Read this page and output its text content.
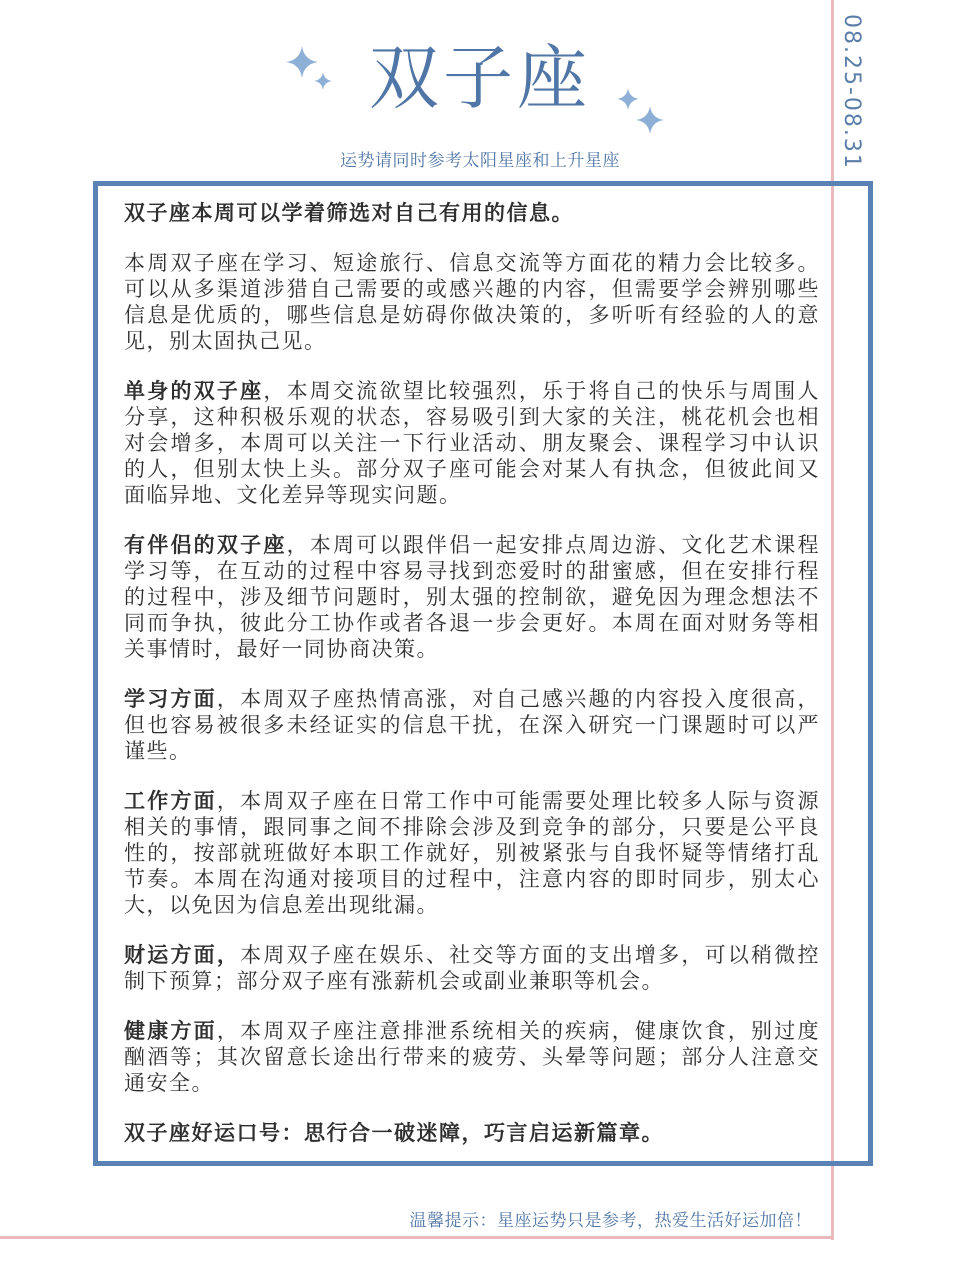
08.25-08.31
双子座
运势请同时参考太阳星座和上升星座

双子座本周可以学着筛选对自己有用的信息。

本周双子座在学习、短途旅行、信息交流等方面花的精力会比较多。可以从多渠道涉猎自己需要的或感兴趣的内容，但需要学会辨别哪些信息是优质的，哪些信息是妨碍你做决策的，多听听有经验的人的意见，别太固执己见。

单身的双子座，本周交流欲望比较强烈，乐于将自己的快乐与周围人分享，这种积极乐观的状态，容易吸引到大家的关注，桃花机会也相对会增多，本周可以关注一下行业活动、朋友聚会、课程学习中认识的人，但别太快上头。部分双子座可能会对某人有执念，但彼此间又面临异地、文化差异等现实问题。

有伴侣的双子座，本周可以跟伴侣一起安排点周边游、文化艺术课程学习等，在互动的过程中容易寻找到恋爱时的甜蜜感，但在安排行程的过程中，涉及细节问题时，别太强的控制欲，避免因为理念想法不同而争执，彼此分工协作或者各退一步会更好。本周在面对财务等相关事情时，最好一同协商决策。

学习方面，本周双子座热情高涨，对自己感兴趣的内容投入度很高，但也容易被很多未经证实的信息干扰，在深入研究一门课题时可以严谨些。

工作方面，本周双子座在日常工作中可能需要处理比较多人际与资源相关的事情，跟同事之间不排除会涉及到竞争的部分，只要是公平良性的，按部就班做好本职工作就好，别被紧张与自我怀疑等情绪打乱节奏。本周在沟通对接项目的过程中，注意内容的即时同步，别太心大，以免因为信息差出现纰漏。

财运方面，本周双子座在娱乐、社交等方面的支出增多，可以稍微控制下预算；部分双子座有涨薪机会或副业兼职等机会。

健康方面，本周双子座注意排泄系统相关的疾病，健康饮食，别过度酗酒等；其次留意长途出行带来的疲劳、头晕等问题；部分人注意交通安全。

双子座好运口号：思行合一破迷障，巧言启运新篇章。

温馨提示：星座运势只是参考，热爱生活好运加倍！
